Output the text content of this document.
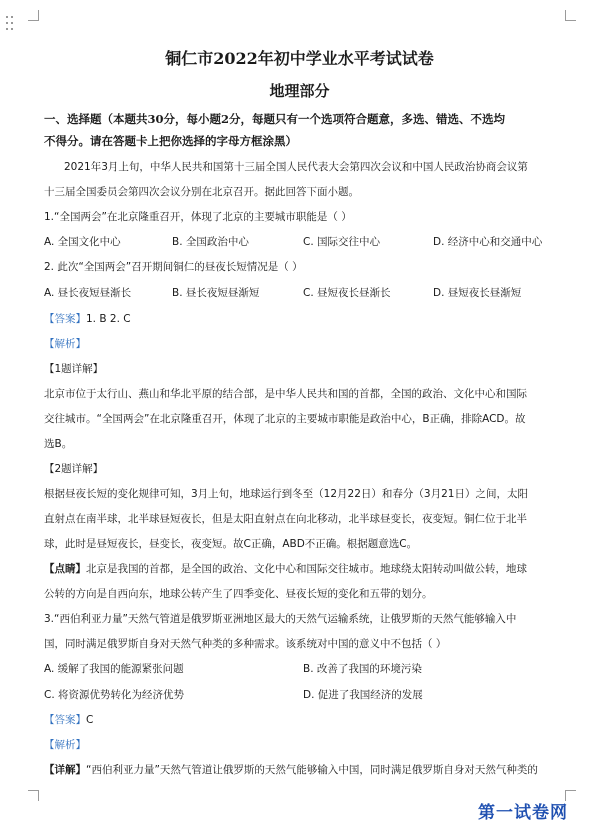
铜仁市2022年初中学业水平考试试卷
地理部分
一、选择题（本题共30分，每小题2分，每题只有一个选项符合题意，多选、错选、不选均
不得分。请在答题卡上把你选择的字母方框涂黑）
2021年3月上旬，中华人民共和国第十三届全国人民代表大会第四次会议和中国人民政治协商会议第
十三届全国委员会第四次会议分别在北京召开。据此回答下面小题。
1.“全国两会”在北京隆重召开，体现了北京的主要城市职能是（ ）
A. 全国文化中心	B. 全国政治中心	C. 国际交往中心	D. 经济中心和交通中心
2. 此次“全国两会”召开期间铜仁的昼夜长短情况是（ ）
A. 昼长夜短昼渐长	B. 昼长夜短昼渐短	C. 昼短夜长昼渐长	D. 昼短夜长昼渐短
【答案】1. B 2. C
【解析】
【1题详解】
北京市位于太行山、燕山和华北平原的结合部，是中华人民共和国的首都，全国的政治、文化中心和国际
交往城市。“全国两会”在北京隆重召开，体现了北京的主要城市职能是政治中心，B正确，排除ACD。故
选B。
【2题详解】
根据昼夜长短的变化规律可知，3月上旬，地球运行到冬至（12月22日）和春分（3月21日）之间，太阳
直射点在南半球，北半球昼短夜长，但是太阳直射点在向北移动，北半球昼变长，夜变短。铜仁位于北半
球，此时是昼短夜长，昼变长，夜变短。故C正确，ABD不正确。根据题意选C。
【点睛】北京是我国的首都，是全国的政治、文化中心和国际交往城市。地球绕太阳转动叫做公转，地球
公转的方向是自西向东，地球公转产生了四季变化、昼夜长短的变化和五带的划分。
3.“西伯利亚力量”天然气管道是俄罗斯亚洲地区最大的天然气运输系统，让俄罗斯的天然气能够输入中
国，同时满足俄罗斯自身对天然气种类的多种需求。该系统对中国的意义中不包括（ ）
A. 缓解了我国的能源紧张问题	B. 改善了我国的环境污染
C. 将资源优势转化为经济优势	D. 促进了我国经济的发展
【答案】C
【解析】
【详解】“西伯利亚力量”天然气管道让俄罗斯的天然气能够输入中国，同时满足俄罗斯自身对天然气种类的
第一试卷网
